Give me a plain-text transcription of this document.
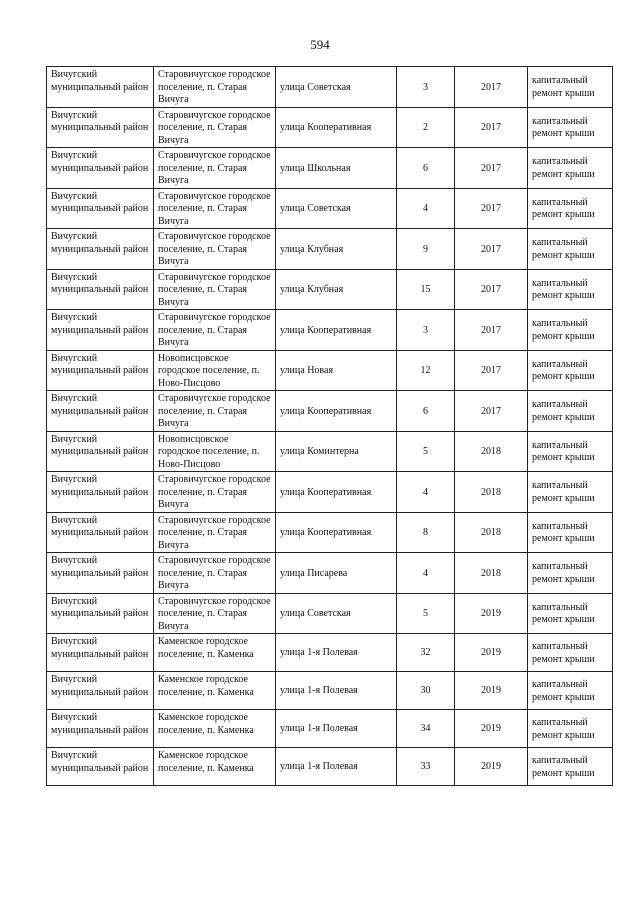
594
Вичугский муниципальный район	Старовичугское городское поселение, п. Старая Вичуга	улица Советская	3	2017	капитальный ремонт крыши
Вичугский муниципальный район	Старовичугское городское поселение, п. Старая Вичуга	улица Кооперативная	2	2017	капитальный ремонт крыши
Вичугский муниципальный район	Старовичугское городское поселение, п. Старая Вичуга	улица Школьная	6	2017	капитальный ремонт крыши
Вичугский муниципальный район	Старовичугское городское поселение, п. Старая Вичуга	улица Советская	4	2017	капитальный ремонт крыши
Вичугский муниципальный район	Старовичугское городское поселение, п. Старая Вичуга	улица Клубная	9	2017	капитальный ремонт крыши
Вичугский муниципальный район	Старовичугское городское поселение, п. Старая Вичуга	улица Клубная	15	2017	капитальный ремонт крыши
Вичугский муниципальный район	Старовичугское городское поселение, п. Старая Вичуга	улица Кооперативная	3	2017	капитальный ремонт крыши
Вичугский муниципальный район	Новописцовское городское поселение, п. Ново-Писцово	улица Новая	12	2017	капитальный ремонт крыши
Вичугский муниципальный район	Старовичугское городское поселение, п. Старая Вичуга	улица Кооперативная	6	2017	капитальный ремонт крыши
Вичугский муниципальный район	Новописцовское городское поселение, п. Ново-Писцово	улица Коминтерна	5	2018	капитальный ремонт крыши
Вичугский муниципальный район	Старовичугское городское поселение, п. Старая Вичуга	улица Кооперативная	4	2018	капитальный ремонт крыши
Вичугский муниципальный район	Старовичугское городское поселение, п. Старая Вичуга	улица Кооперативная	8	2018	капитальный ремонт крыши
Вичугский муниципальный район	Старовичугское городское поселение, п. Старая Вичуга	улица Писарева	4	2018	капитальный ремонт крыши
Вичугский муниципальный район	Старовичугское городское поселение, п. Старая Вичуга	улица Советская	5	2019	капитальный ремонт крыши
Вичугский муниципальный район	Каменское городское поселение, п. Каменка	улица 1-я Полевая	32	2019	капитальный ремонт крыши
Вичугский муниципальный район	Каменское городское поселение, п. Каменка	улица 1-я Полевая	30	2019	капитальный ремонт крыши
Вичугский муниципальный район	Каменское городское поселение, п. Каменка	улица 1-я Полевая	34	2019	капитальный ремонт крыши
Вичугский муниципальный район	Каменское городское поселение, п. Каменка	улица 1-я Полевая	33	2019	капитальный ремонт крыши
